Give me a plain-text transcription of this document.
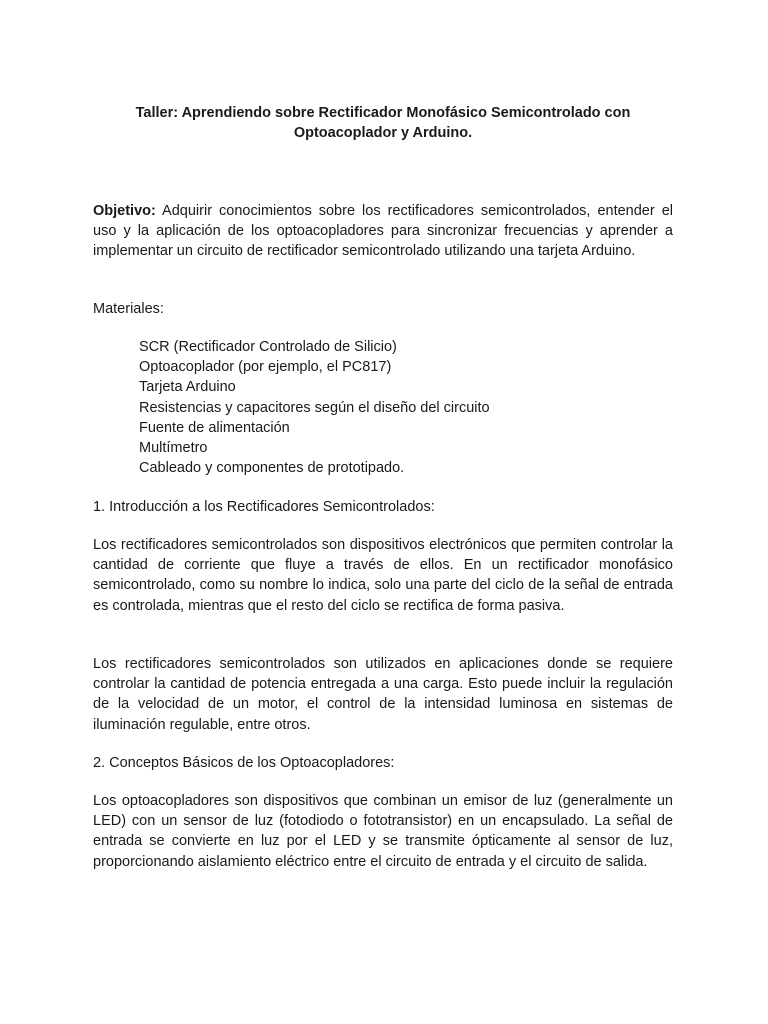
Taller: Aprendiendo sobre Rectificador Monofásico Semicontrolado con Optoacoplador y Arduino.

Objetivo: Adquirir conocimientos sobre los rectificadores semicontrolados, entender el uso y la aplicación de los optoacopladores para sincronizar frecuencias y aprender a implementar un circuito de rectificador semicontrolado utilizando una tarjeta Arduino.

Materiales:

SCR (Rectificador Controlado de Silicio)
Optoacoplador (por ejemplo, el PC817)
Tarjeta Arduino
Resistencias y capacitores según el diseño del circuito
Fuente de alimentación
Multímetro
Cableado y componentes de prototipado.

1. Introducción a los Rectificadores Semicontrolados:

Los rectificadores semicontrolados son dispositivos electrónicos que permiten controlar la cantidad de corriente que fluye a través de ellos. En un rectificador monofásico semicontrolado, como su nombre lo indica, solo una parte del ciclo de la señal de entrada es controlada, mientras que el resto del ciclo se rectifica de forma pasiva.

Los rectificadores semicontrolados son utilizados en aplicaciones donde se requiere controlar la cantidad de potencia entregada a una carga. Esto puede incluir la regulación de la velocidad de un motor, el control de la intensidad luminosa en sistemas de iluminación regulable, entre otros.

2. Conceptos Básicos de los Optoacopladores:

Los optoacopladores son dispositivos que combinan un emisor de luz (generalmente un LED) con un sensor de luz (fotodiodo o fototransistor) en un encapsulado. La señal de entrada se convierte en luz por el LED y se transmite ópticamente al sensor de luz, proporcionando aislamiento eléctrico entre el circuito de entrada y el circuito de salida.
